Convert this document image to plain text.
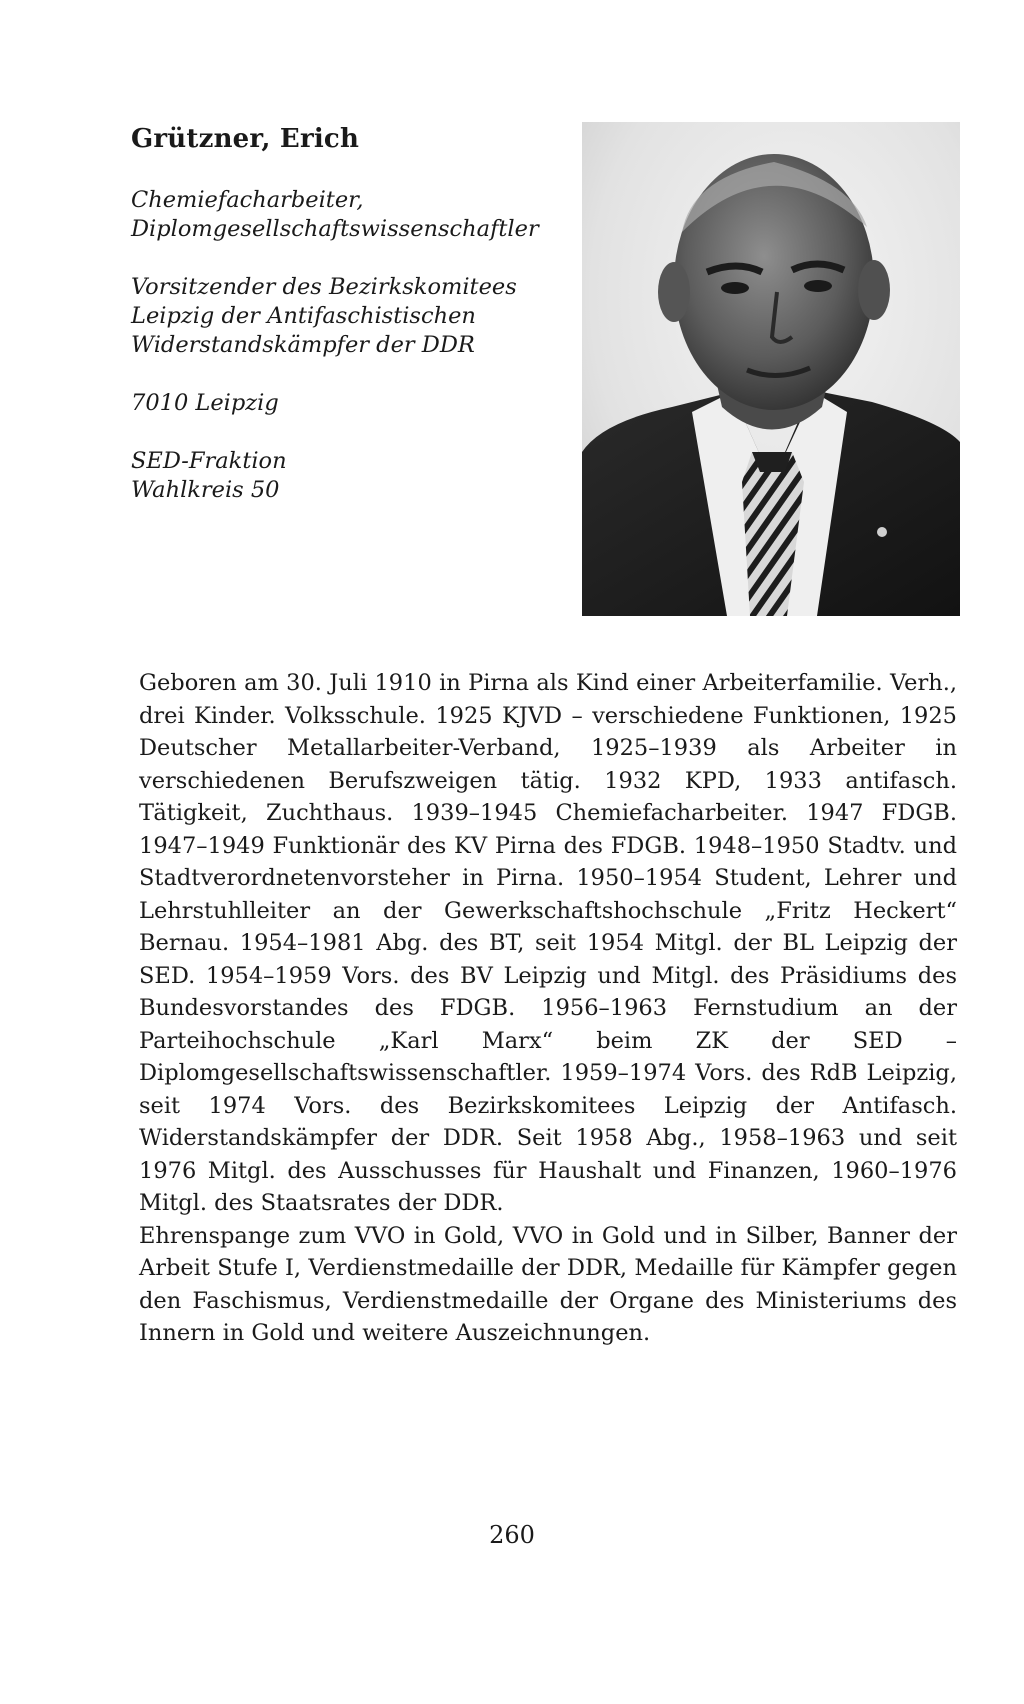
Grützner, Erich
Chemiefacharbeiter,
Diplomgesellschaftswissenschaftler
Vorsitzender des Bezirkskomitees
Leipzig der Antifaschistischen
Widerstandskämpfer der DDR
7010 Leipzig
SED-Fraktion
Wahlkreis 50

Geboren am 30. Juli 1910 in Pirna als Kind einer Arbeiterfamilie. Verh., drei Kinder. Volksschule. 1925 KJVD – verschiedene Funktionen, 1925 Deutscher Metallarbeiter-Verband, 1925–1939 als Arbeiter in verschiedenen Berufszweigen tätig. 1932 KPD, 1933 antifasch. Tätigkeit, Zuchthaus. 1939–1945 Chemiefacharbeiter. 1947 FDGB. 1947–1949 Funktionär des KV Pirna des FDGB. 1948–1950 Stadtv. und Stadtverordnetenvorsteher in Pirna. 1950–1954 Student, Lehrer und Lehrstuhlleiter an der Gewerkschaftshochschule „Fritz Heckert“ Bernau. 1954–1981 Abg. des BT, seit 1954 Mitgl. der BL Leipzig der SED. 1954–1959 Vors. des BV Leipzig und Mitgl. des Präsidiums des Bundesvorstandes des FDGB. 1956–1963 Fernstudium an der Parteihochschule „Karl Marx“ beim ZK der SED – Diplomgesellschaftswissenschaftler. 1959–1974 Vors. des RdB Leipzig, seit 1974 Vors. des Bezirkskomitees Leipzig der Antifasch. Widerstandskämpfer der DDR. Seit 1958 Abg., 1958–1963 und seit 1976 Mitgl. des Ausschusses für Haushalt und Finanzen, 1960–1976 Mitgl. des Staatsrates der DDR.

Ehrenspange zum VVO in Gold, VVO in Gold und in Silber, Banner der Arbeit Stufe I, Verdienstmedaille der DDR, Medaille für Kämpfer gegen den Faschismus, Verdienstmedaille der Organe des Ministeriums des Innern in Gold und weitere Auszeichnungen.

260
